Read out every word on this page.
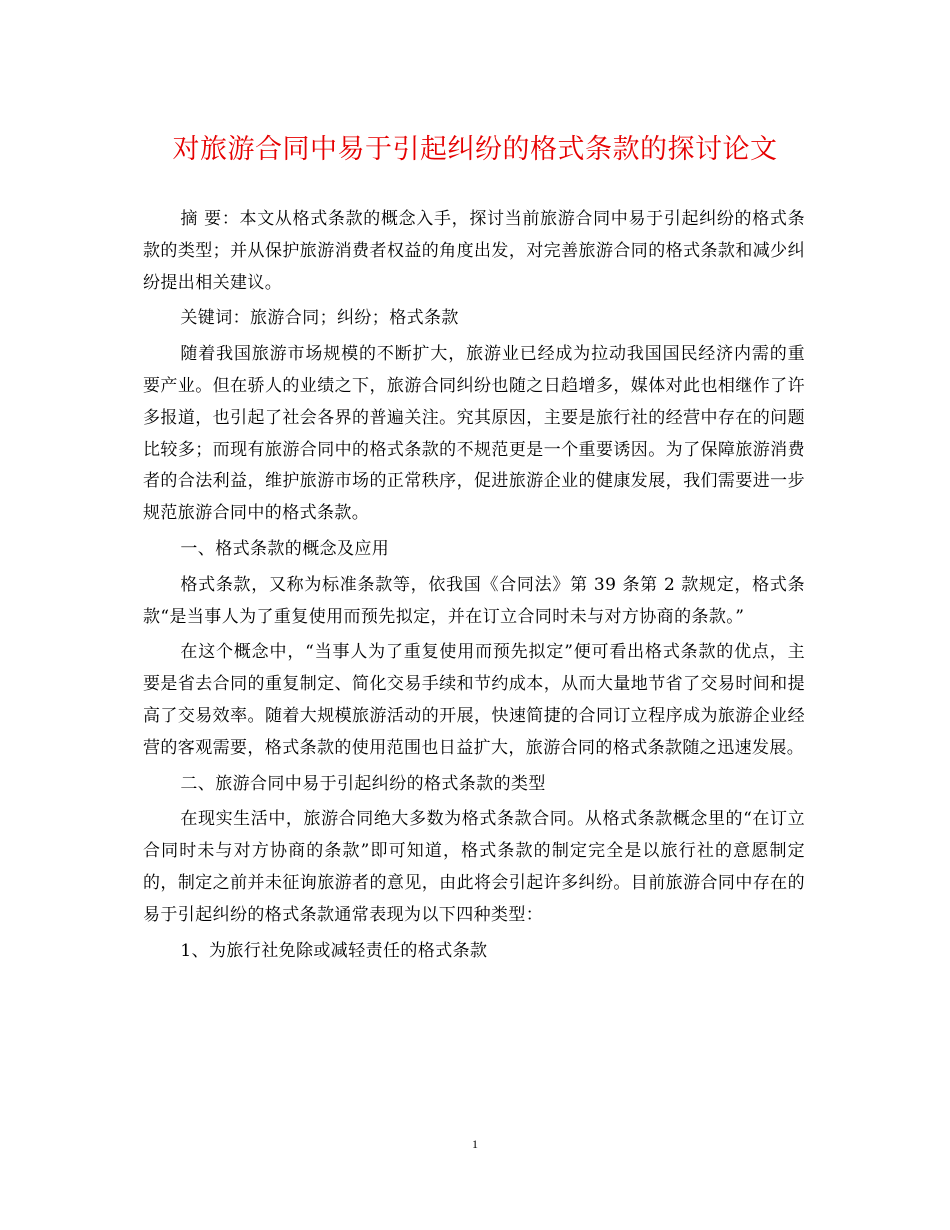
对旅游合同中易于引起纠纷的格式条款的探讨论文

摘 要：本文从格式条款的概念入手，探讨当前旅游合同中易于引起纠纷的格式条款的类型；并从保护旅游消费者权益的角度出发，对完善旅游合同的格式条款和减少纠纷提出相关建议。

关键词：旅游合同；纠纷；格式条款

随着我国旅游市场规模的不断扩大，旅游业已经成为拉动我国国民经济内需的重要产业。但在骄人的业绩之下，旅游合同纠纷也随之日趋增多，媒体对此也相继作了许多报道，也引起了社会各界的普遍关注。究其原因，主要是旅行社的经营中存在的问题比较多；而现有旅游合同中的格式条款的不规范更是一个重要诱因。为了保障旅游消费者的合法利益，维护旅游市场的正常秩序，促进旅游企业的健康发展，我们需要进一步规范旅游合同中的格式条款。

一、格式条款的概念及应用

格式条款，又称为标准条款等，依我国《合同法》第 39 条第 2 款规定，格式条款“是当事人为了重复使用而预先拟定，并在订立合同时未与对方协商的条款。”

在这个概念中，“当事人为了重复使用而预先拟定”便可看出格式条款的优点，主要是省去合同的重复制定、简化交易手续和节约成本，从而大量地节省了交易时间和提高了交易效率。随着大规模旅游活动的开展，快速简捷的合同订立程序成为旅游企业经营的客观需要，格式条款的使用范围也日益扩大，旅游合同的格式条款随之迅速发展。

二、旅游合同中易于引起纠纷的格式条款的类型

在现实生活中，旅游合同绝大多数为格式条款合同。从格式条款概念里的“在订立合同时未与对方协商的条款”即可知道，格式条款的制定完全是以旅行社的意愿制定的，制定之前并未征询旅游者的意见，由此将会引起许多纠纷。目前旅游合同中存在的易于引起纠纷的格式条款通常表现为以下四种类型：

1、为旅行社免除或减轻责任的格式条款

1
